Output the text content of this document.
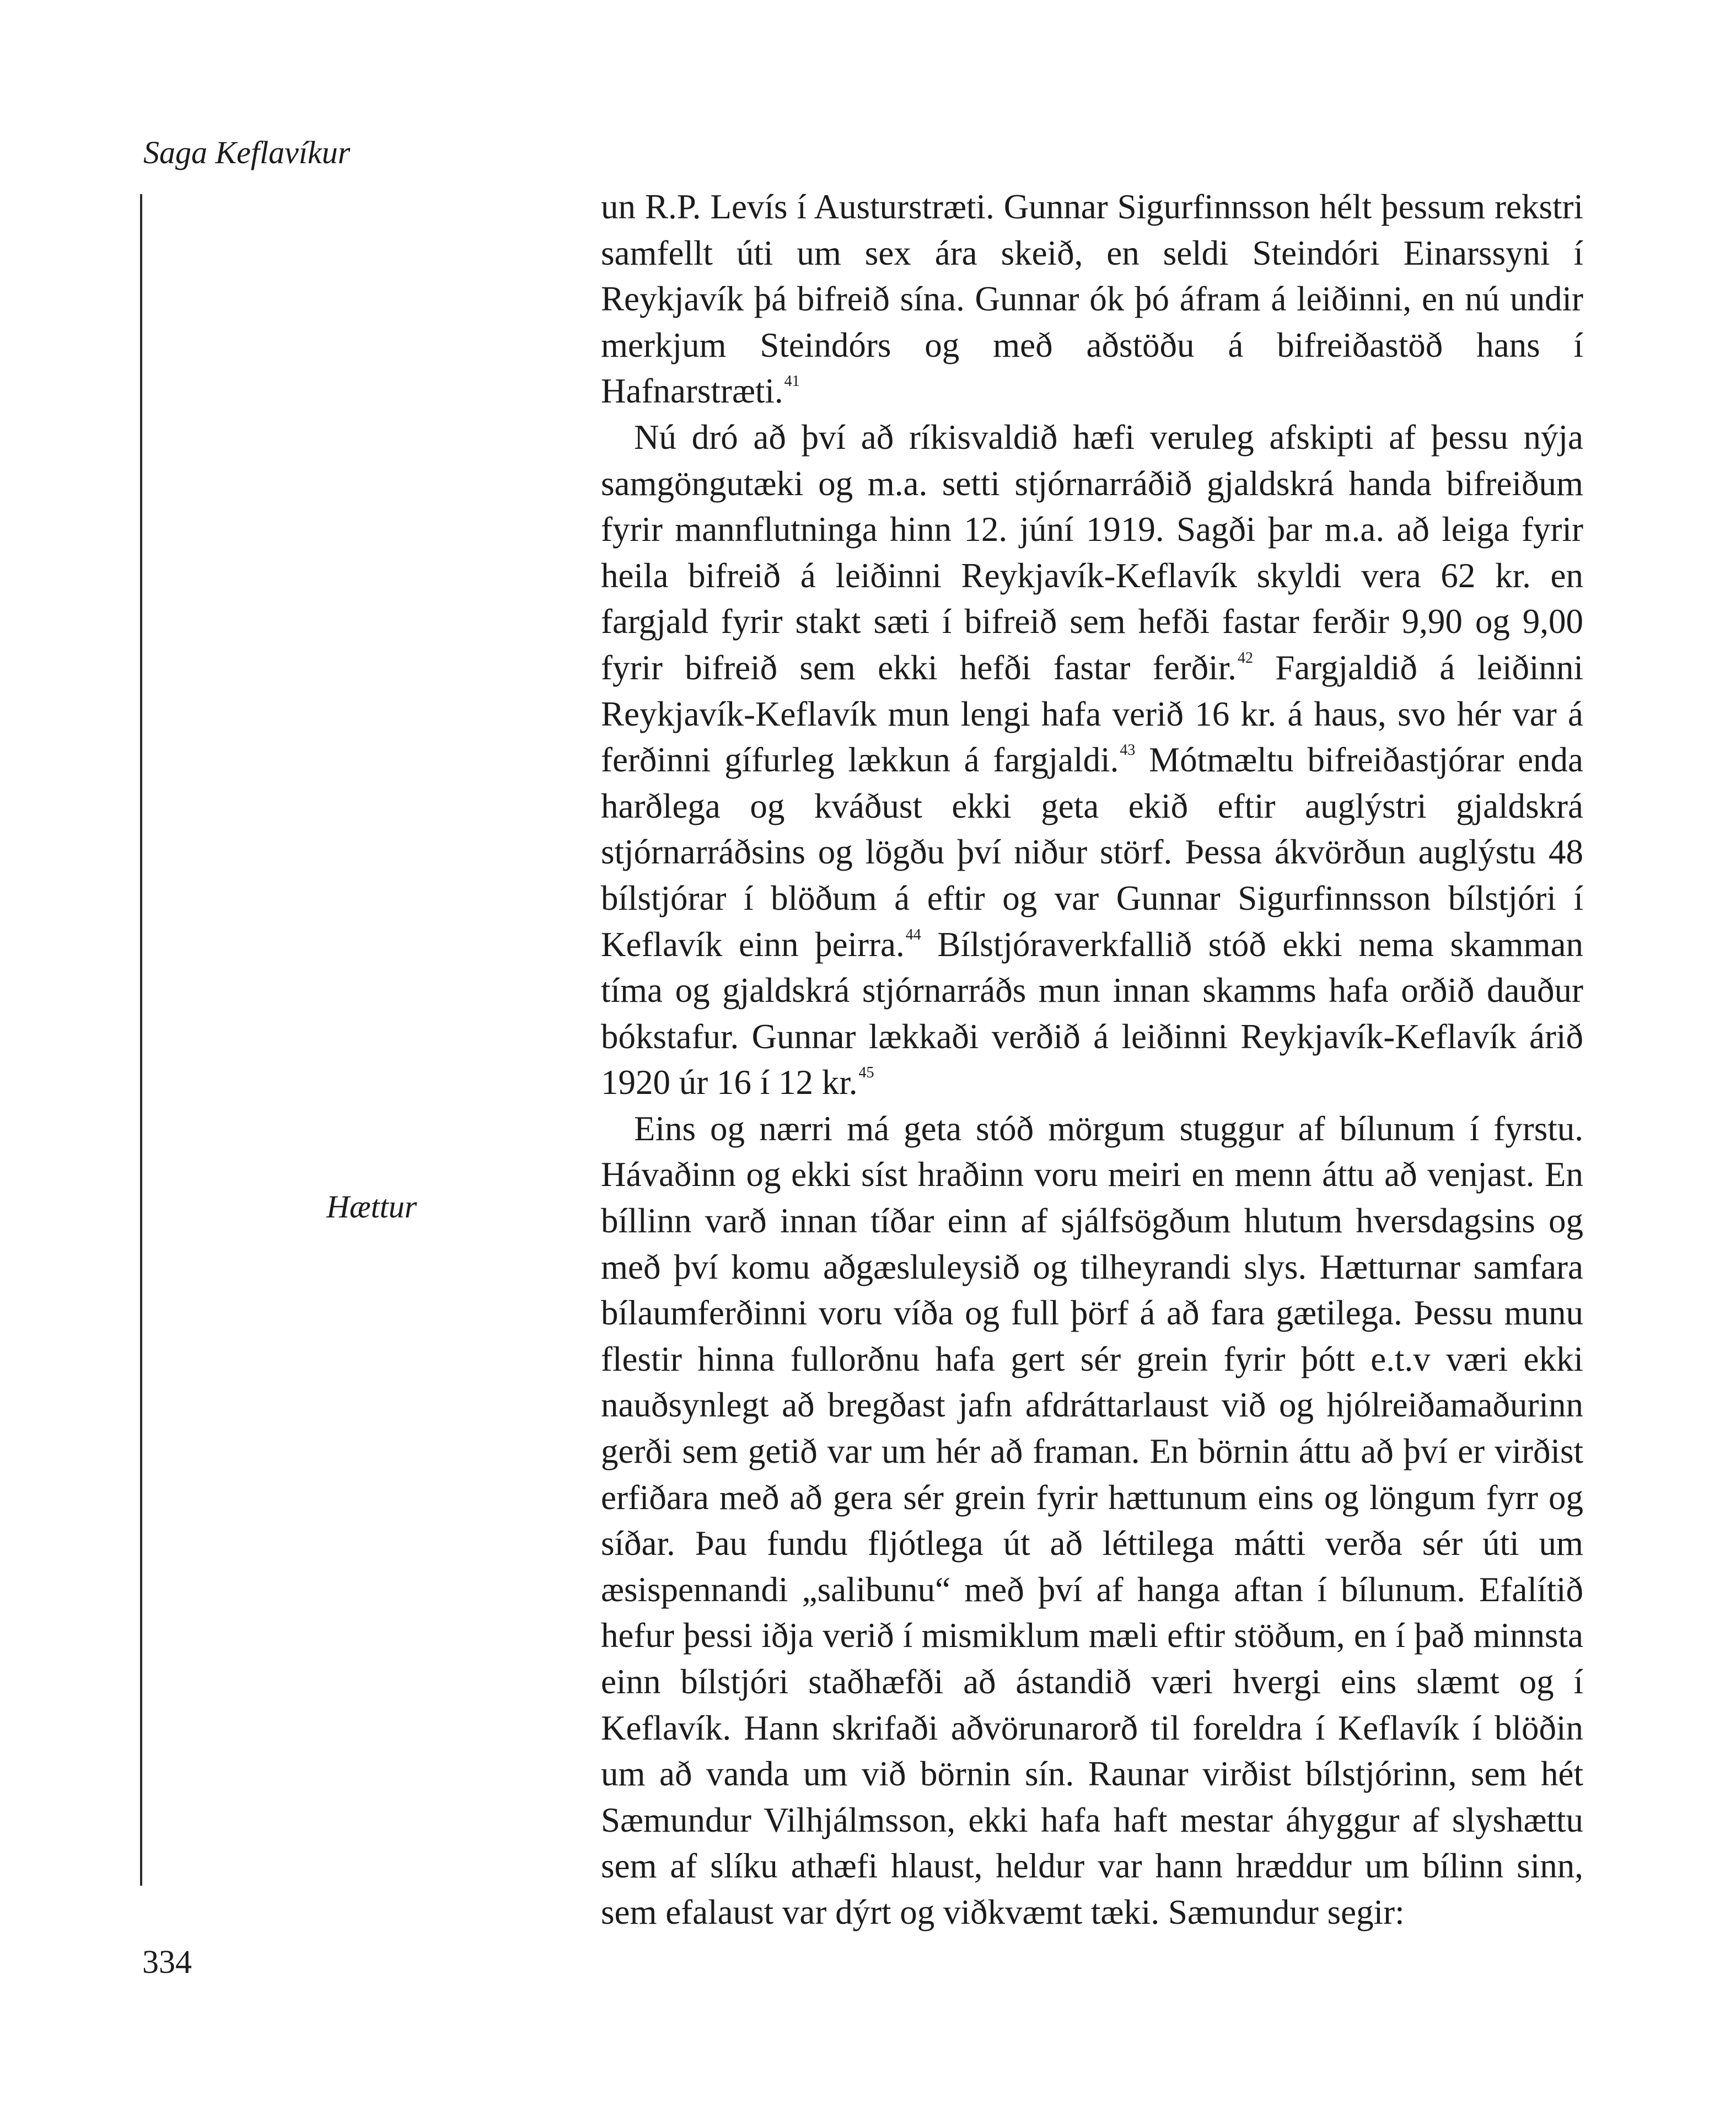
Saga Keflavíkur
Hættur

un R.P. Levís í Austurstræti. Gunnar Sigurfinnsson hélt þessum rekstri samfellt úti um sex ára skeið, en seldi Steindóri Einarssyni í Reykjavík þá bifreið sína. Gunnar ók þó áfram á leiðinni, en nú undir merkjum Steindórs og með aðstöðu á bifreiðastöð hans í Hafnarstræti.$^{41}$

Nú dró að því að ríkisvaldið hæfi veruleg afskipti af þessu nýja samgöngutæki og m.a. setti stjórnarráðið gjaldskrá handa bifreiðum fyrir mannflutninga hinn 12. júní 1919. Sagði þar m.a. að leiga fyrir heila bifreið á leiðinni Reykjavík-Keflavík skyldi vera 62 kr. en fargjald fyrir stakt sæti í bifreið sem hefði fastar ferðir 9,90 og 9,00 fyrir bifreið sem ekki hefði fastar ferðir.$^{42}$ Fargjaldið á leiðinni Reykjavík-Keflavík mun lengi hafa verið 16 kr. á haus, svo hér var á ferðinni gífurleg lækkun á fargjaldi.$^{43}$ Mótmæltu bifreiðastjórar enda harðlega og kváðust ekki geta ekið eftir auglýstri gjaldskrá stjórnarráðsins og lögðu því niður störf. Þessa ákvörðun auglýstu 48 bílstjórar í blöðum á eftir og var Gunnar Sigurfinnsson bílstjóri í Keflavík einn þeirra.$^{44}$ Bílstjóraverkfallið stóð ekki nema skamman tíma og gjaldskrá stjórnarráðs mun innan skamms hafa orðið dauður bókstafur. Gunnar lækkaði verðið á leiðinni Reykjavík-Keflavík árið 1920 úr 16 í 12 kr.$^{45}$

Eins og nærri má geta stóð mörgum stuggur af bílunum í fyrstu. Hávaðinn og ekki síst hraðinn voru meiri en menn áttu að venjast. En bíllinn varð innan tíðar einn af sjálfsögðum hlutum hversdagsins og með því komu aðgæsluleysið og tilheyrandi slys. Hætturnar samfara bílaumferðinni voru víða og full þörf á að fara gætilega. Þessu munu flestir hinna fullorðnu hafa gert sér grein fyrir þótt e.t.v væri ekki nauðsynlegt að bregðast jafn afdráttarlaust við og hjólreiðamaðurinn gerði sem getið var um hér að framan. En börnin áttu að því er virðist erfiðara með að gera sér grein fyrir hættunum eins og löngum fyrr og síðar. Þau fundu fljótlega út að léttilega mátti verða sér úti um æsispennandi „salibunu“ með því af hanga aftan í bílunum. Efalítið hefur þessi iðja verið í mismiklum mæli eftir stöðum, en í það minnsta einn bílstjóri staðhæfði að ástandið væri hvergi eins slæmt og í Keflavík. Hann skrifaði aðvörunarorð til foreldra í Keflavík í blöðin um að vanda um við börnin sín. Raunar virðist bílstjórinn, sem hét Sæmundur Vilhjálmsson, ekki hafa haft mestar áhyggur af slyshættu sem af slíku athæfi hlaust, heldur var hann hræddur um bílinn sinn, sem efalaust var dýrt og viðkvæmt tæki. Sæmundur segir:

334
